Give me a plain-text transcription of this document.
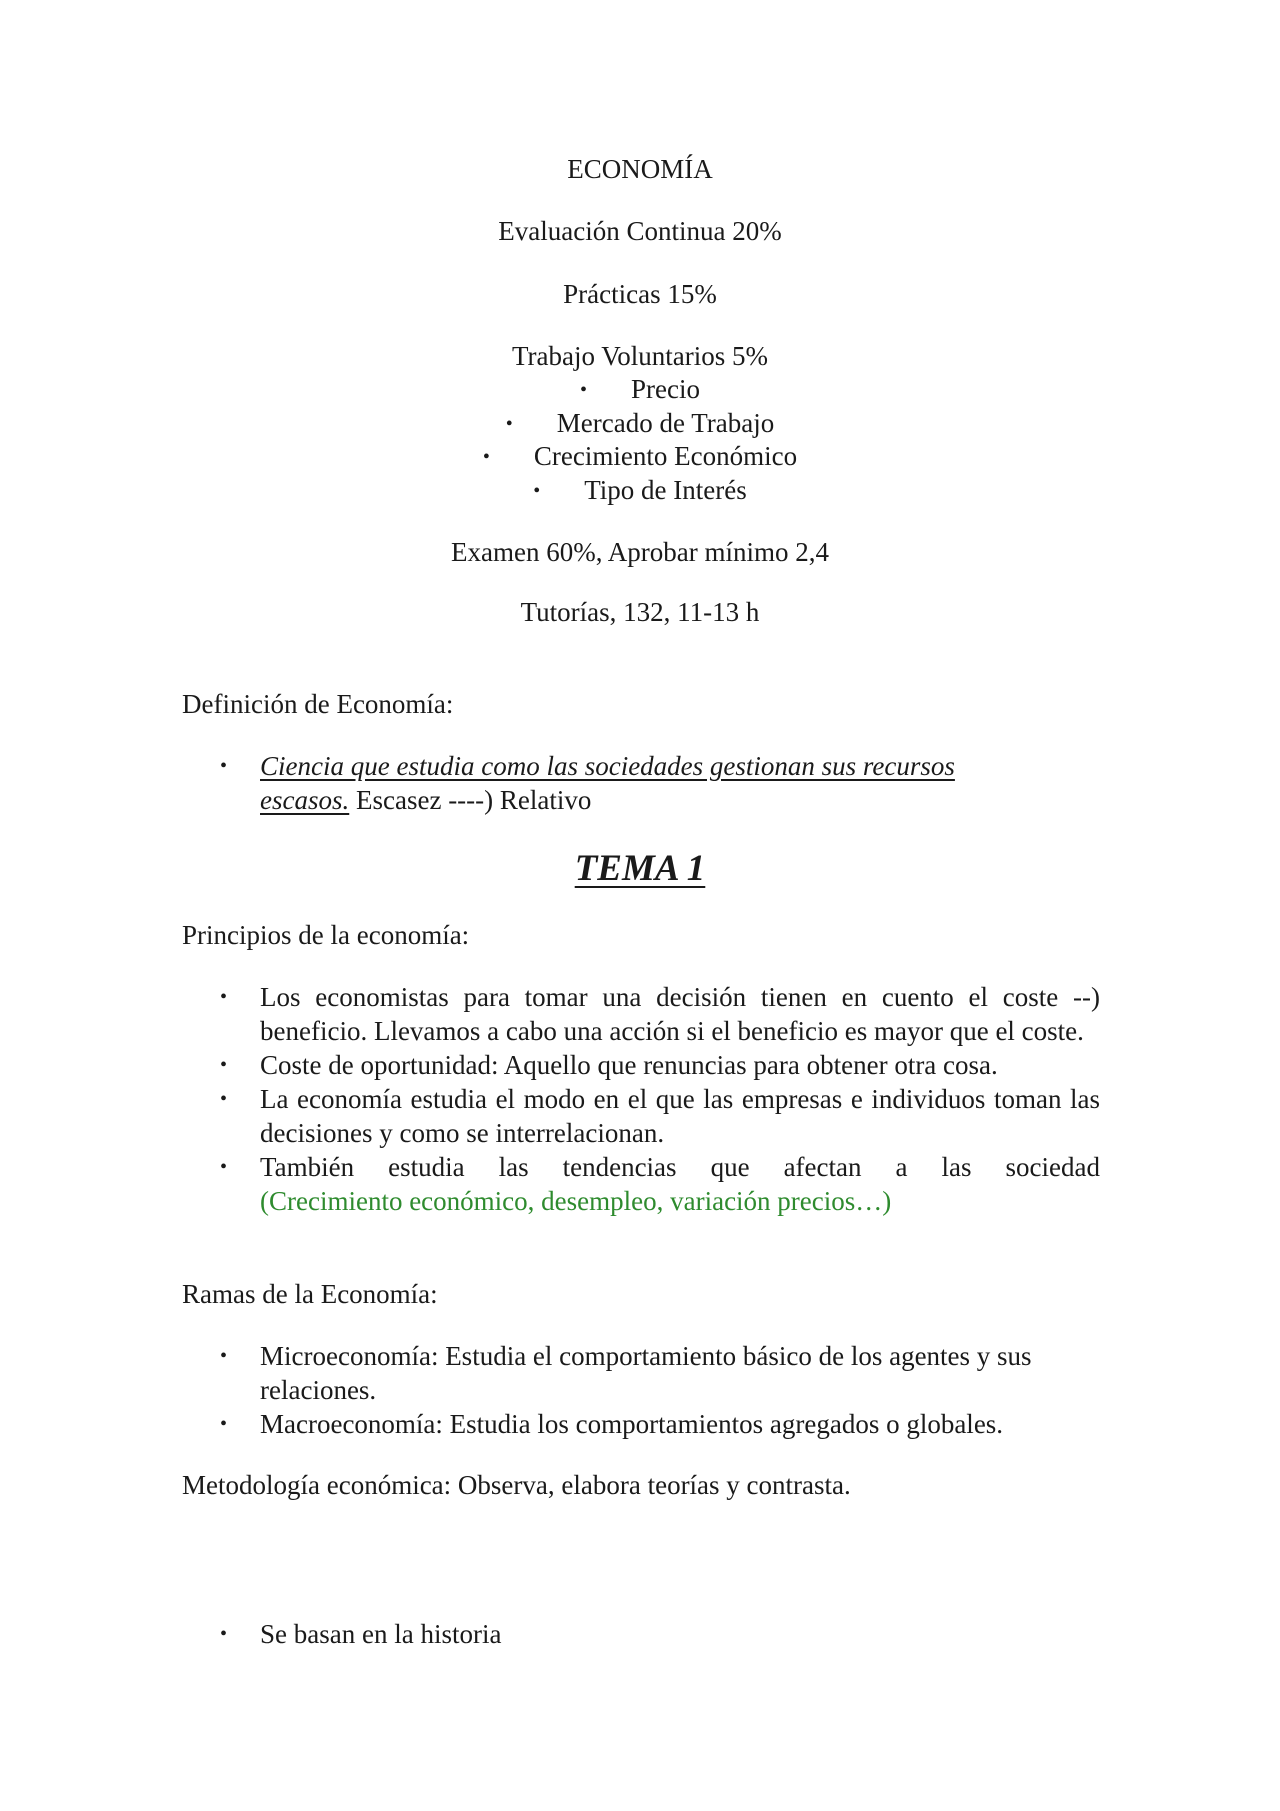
ECONOMÍA
Evaluación Continua 20%
Prácticas 15%
Trabajo Voluntarios 5%
• Precio
• Mercado de Trabajo
• Crecimiento Económico
• Tipo de Interés
Examen 60%, Aprobar mínimo 2,4
Tutorías, 132, 11-13 h
Definición de Economía:
• Ciencia que estudia como las sociedades gestionan sus recursos
escasos. Escasez ----) Relativo
TEMA 1
Principios de la economía:
• Los economistas para tomar una decisión tienen en cuento el coste --) beneficio. Llevamos a cabo una acción si el beneficio es mayor que el coste.
• Coste de oportunidad: Aquello que renuncias para obtener otra cosa.
• La economía estudia el modo en el que las empresas e individuos toman las decisiones y como se interrelacionan.
• También estudia las tendencias que afectan a las sociedad
(Crecimiento económico, desempleo, variación precios…)
Ramas de la Economía:
• Microeconomía: Estudia el comportamiento básico de los agentes y sus relaciones.
• Macroeconomía: Estudia los comportamientos agregados o globales.
Metodología económica: Observa, elabora teorías y contrasta.
• Se basan en la historia
